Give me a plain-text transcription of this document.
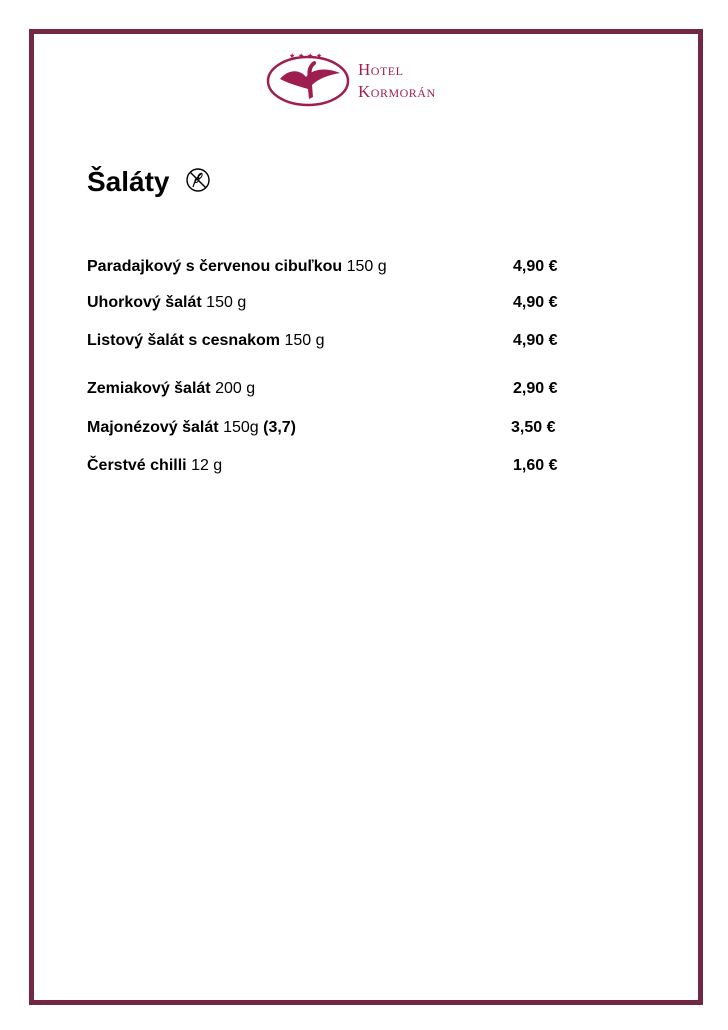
★ ★ ★ ★
Hotel
Kormorán
Šaláty
Paradajkový s červenou cibuľkou 150 g	4,90 €
Uhorkový šalát 150 g	4,90 €
Listový šalát s cesnakom 150 g	4,90 €
Zemiakový šalát 200 g	2,90 €
Majonézový šalát 150g (3,7)	3,50 €
Čerstvé chilli 12 g	1,60 €
